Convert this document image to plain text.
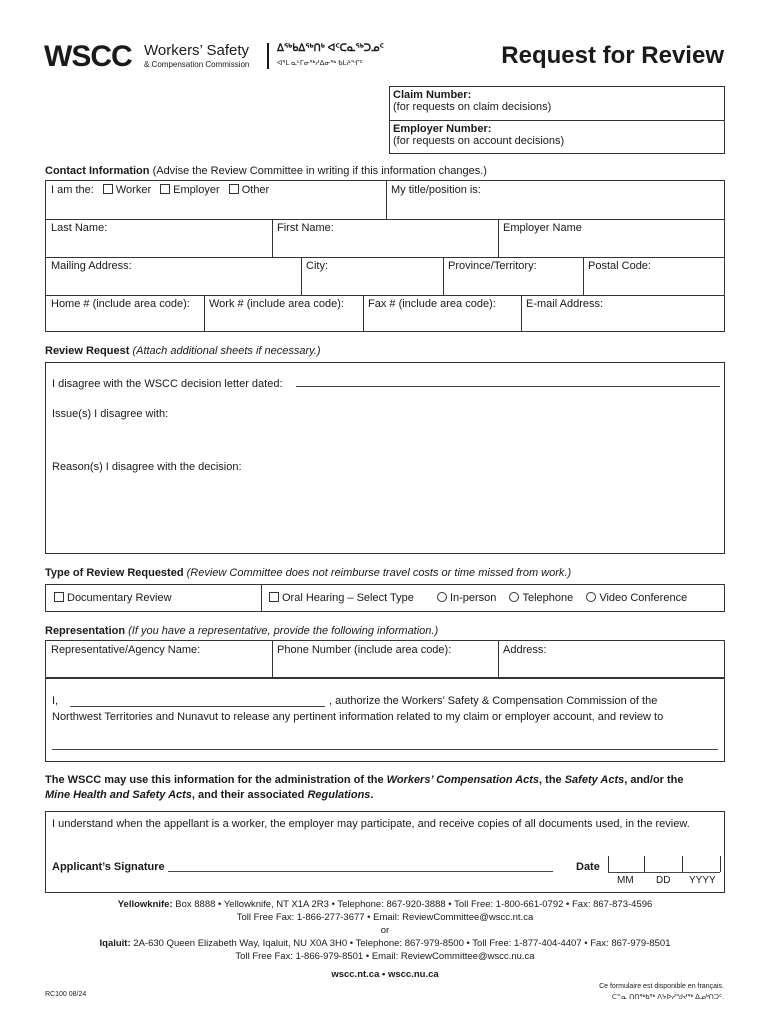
WSCC Workers’ Safety
& Compensation Commission
ᐃᖅᑲᐃᖅᑎᒃ ᐊᑦᑕᓇᖅᑐᓄᑦ
ᐊᕐᒪ ᓇᒻᒥᓂᖅᓱᐃᓂᖅ ᑲᒪᔨᖏᑦ	Request for Review
Claim Number:
(for requests on claim decisions)
Employer Number:
(for requests on account decisions)
Contact Information (Advise the Review Committee in writing if this information changes.)
I am the: Worker Employer Other	My title/position is:
Last Name:	First Name:	Employer Name
Mailing Address:	City:	Province/Territory:	Postal Code:
Home # (include area code):	Work # (include area code):	Fax # (include area code):	E-mail Address:
Review Request (Attach additional sheets if necessary.)
I disagree with the WSCC decision letter dated:
Issue(s) I disagree with:
Reason(s) I disagree with the decision:
Type of Review Requested (Review Committee does not reimburse travel costs or time missed from work.)
Documentary Review	Oral Hearing – Select Type	In-person Telephone Video Conference
Representation (If you have a representative, provide the following information.)
Representative/Agency Name:	Phone Number (include area code):	Address:
I,	, authorize the Workers’ Safety & Compensation Commission of the
Northwest Territories and Nunavut to release any pertinent information related to my claim or employer account, and review to
The WSCC may use this information for the administration of the Workers’ Compensation Acts, the Safety Acts, and/or the
Mine Health and Safety Acts, and their associated Regulations.
I understand when the appellant is a worker, the employer may participate, and receive copies of all documents used, in the review.
Applicant’s Signature	Date
MM DD YYYY
Yellowknife: Box 8888 • Yellowknife, NT X1A 2R3 • Telephone: 867-920-3888 • Toll Free: 1-800-661-0792 • Fax: 867-873-4596
Toll Free Fax: 1-866-277-3677 • Email: ReviewCommittee@wscc.nt.ca
or
Iqaluit: 2A-630 Queen Elizabeth Way, Iqaluit, NU X0A 3H0 • Telephone: 867-979-8500 • Toll Free: 1-877-404-4407 • Fax: 867-979-8501
Toll Free Fax: 1-866-979-8501 • Email: ReviewCommittee@wscc.nu.ca
wscc.nt.ca • wscc.nu.ca
RC100 08/24
Ce formulaire est disponible en français.
ᑖᓐᓇ ᑎᑎᖅᑲᖅ ᐱᔭᐅᓲᖑᔪᖅ ᐃᓄᒃᑎᑐᑦ.
